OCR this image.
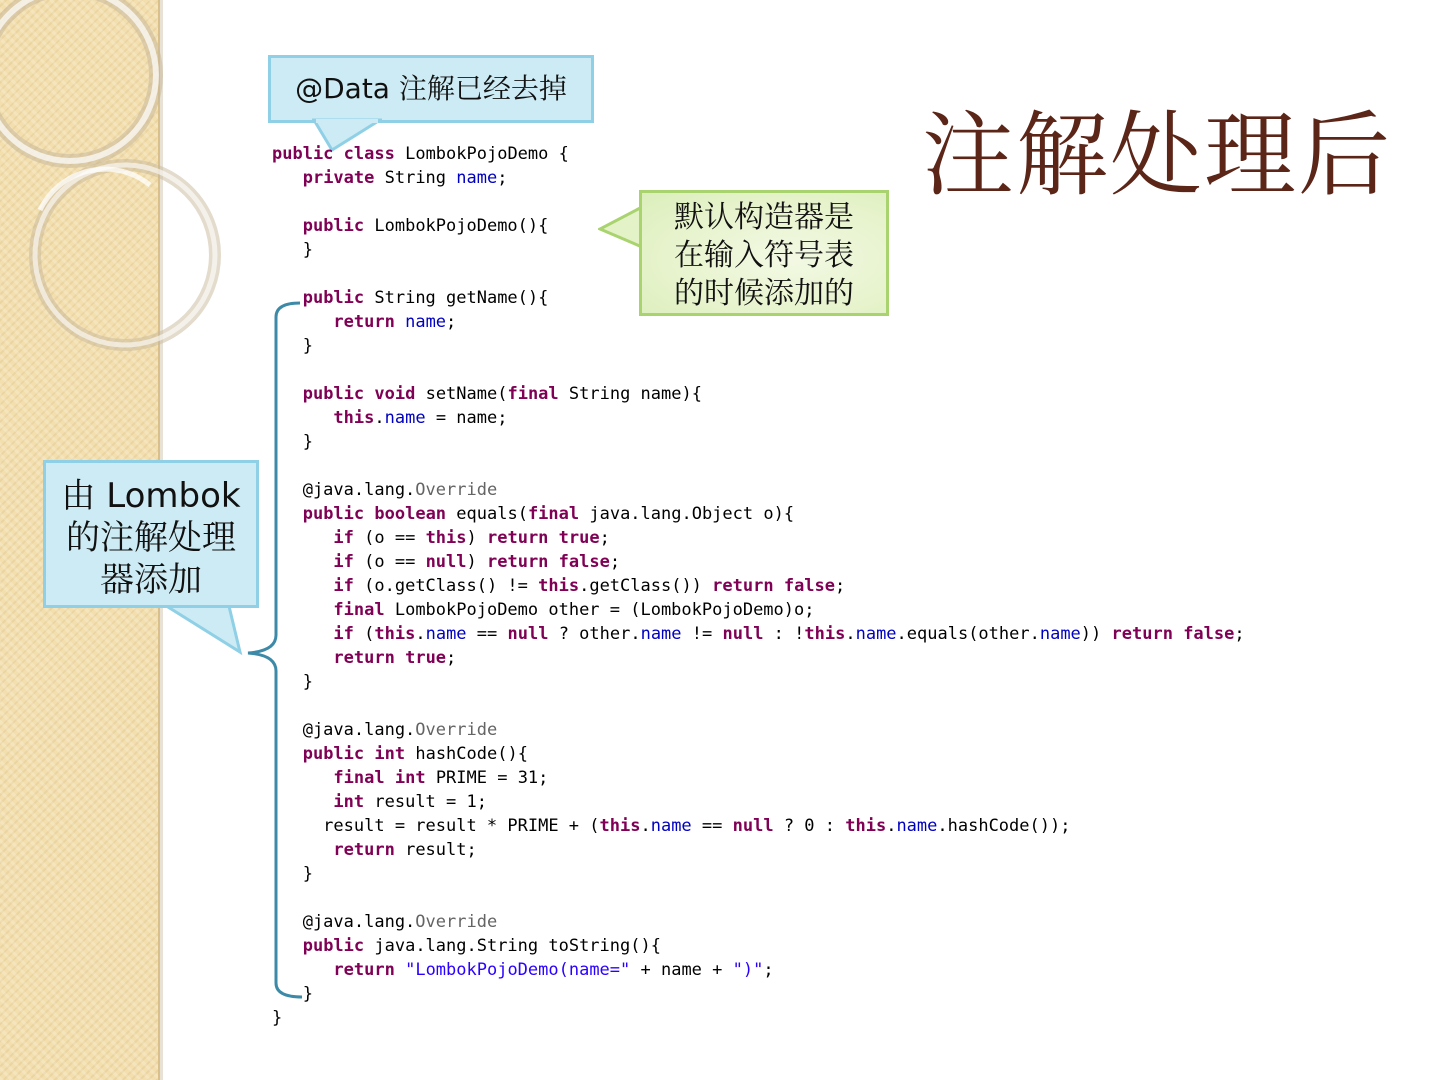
注解处理后
@Data 注解已经去掉
默认构造器是
在输入符号表
的时候添加的
由 Lombok
的注解处理
器添加
public class LombokPojoDemo {
private String name;

public LombokPojoDemo(){
}

public String getName(){
return name;
}

public void setName(final String name){
this.name = name;
}

@java.lang.Override
public boolean equals(final java.lang.Object o){
if (o == this) return true;
if (o == null) return false;
if (o.getClass() != this.getClass()) return false;
final LombokPojoDemo other = (LombokPojoDemo)o;
if (this.name == null ? other.name != null : !this.name.equals(other.name)) return false;
return true;
}

@java.lang.Override
public int hashCode(){
final int PRIME = 31;
int result = 1;
result = result * PRIME + (this.name == null ? 0 : this.name.hashCode());
return result;
}

@java.lang.Override
public java.lang.String toString(){
return "LombokPojoDemo(name=" + name + ")";
}
}
